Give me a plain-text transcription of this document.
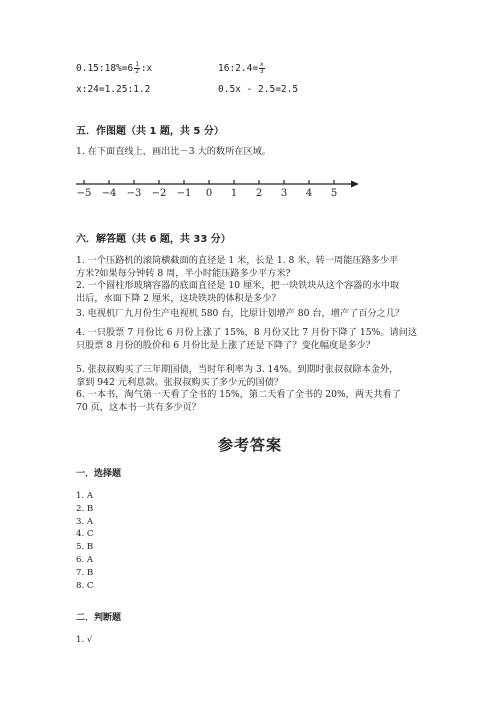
0.15:18%=6 $\frac{1}{2}$ :x	16:2.4= $\frac{x}{3}$
x:24=1.25:1.2	0.5x - 2.5=2.5
五．作图题（共 1 题，共 5 分）
1. 在下面直线上，画出比－3 大的数所在区域。
−5 −4 −3 −2 −1 0 1 2 3 4 5
六．解答题（共 6 题，共 33 分）
1. 一个压路机的滚筒横截面的直径是 1 米，长是 1. 8 米，转一周能压路多少平
方米?如果每分钟转 8 周，半小时能压路多少平方米?
2. 一个圆柱形玻璃容器的底面直径是 10 厘米，把一块铁块从这个容器的水中取
出后，水面下降 2 厘米，这块铁块的体积是多少？
3. 电视机厂九月份生产电视机 580 台，比原计划增产 80 台，增产了百分之几？
4. 一只股票 7 月份比 6 月份上涨了 15%，8 月份又比 7 月份下降了 15%。请问这
只股票 8 月份的股价和 6 月份比是上涨了还是下降了？变化幅度是多少？
5. 张叔叔购买了三年期国债，当时年利率为 3. 14%。到期时张叔叔除本金外，
拿到 942 元利息款。张叔叔购买了多少元的国债？
6. 一本书，淘气第一天看了全书的 15%，第二天看了全书的 20%，两天共看了
70 页，这本书一共有多少页？
参考答案
一．选择题
1. A
2. B
3. A
4. C
5. B
6. A
7. B
8. C
二．判断题
1. √
